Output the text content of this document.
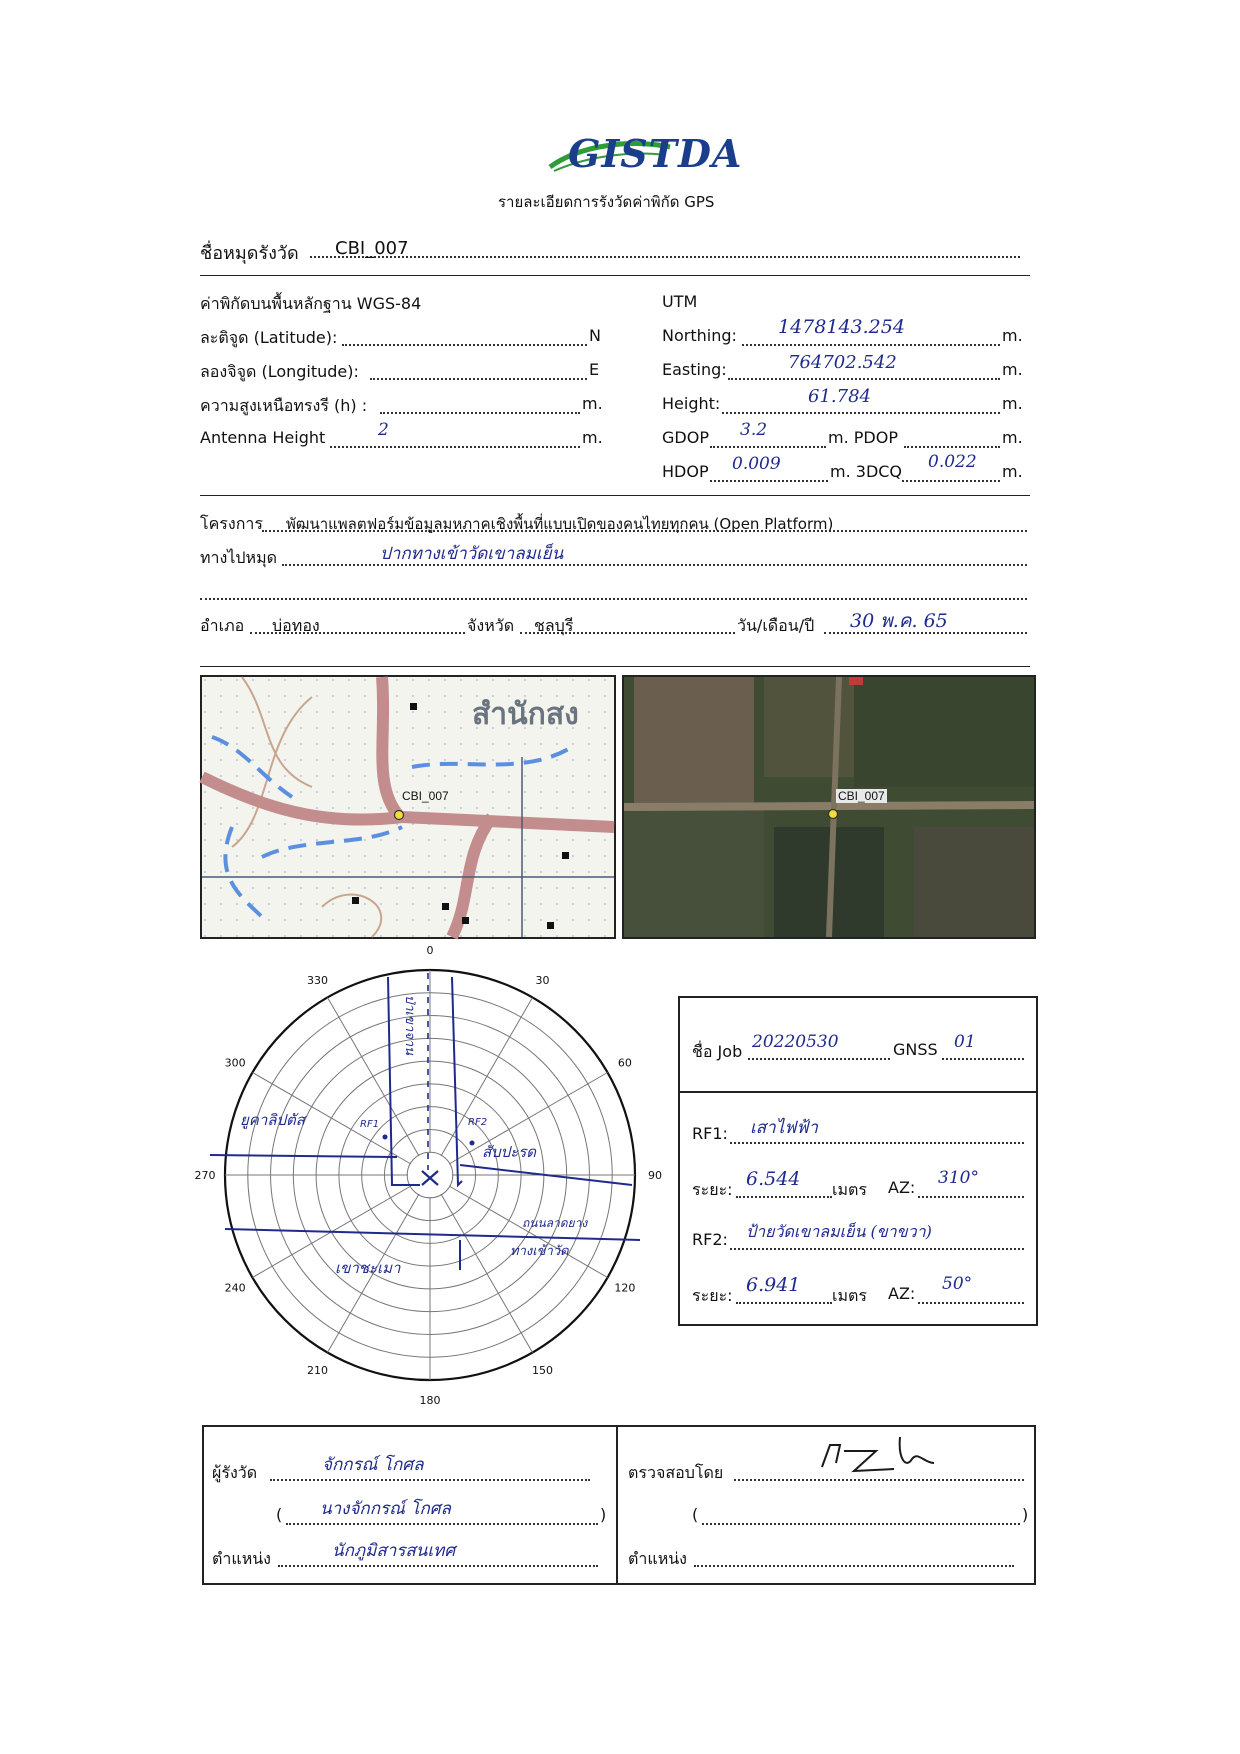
GISTDA
รายละเอียดการรังวัดค่าพิกัด GPS
ชื่อหมุดรังวัด CBI_007
ค่าพิกัดบนพื้นหลักฐาน WGS-84
ละติจูด (Latitude):	N
ลองจิจูด (Longitude):	E
ความสูงเหนือทรงรี (h) :	m.
Antenna Height	2	m.
UTM
Northing: 1478143.254	m.
Easting:	764702.542	m.
Height:	61.784	m.
GDOP 3.2	m. PDOP	m.
HDOP 0.009	m. 3DCQ 0.022 m.
โครงการ พัฒนาแพลตฟอร์มข้อมูลมหภาคเชิงพื้นที่แบบเปิดของคนไทยทุกคน (Open Platform)
ทางไปหมุด	ปากทางเข้าวัดเขาลมเย็น
อำเภอ บ่อทอง	จังหวัด ชลบุรี	วัน/เดือน/ปี 30 พ.ค. 65
สำนักสง
CBI_007	CBI_007
0
30
60
90
120
150
180
210
240
270
300
330
ป่าเขาจาน
ยูคาลิปตัส	RF1	RF2
สับปะรด
ถนนลาดยาง
ทางเข้าวัด
เขาชะเมา
ชื่อ Job 20220530	GNSS 01
RF1: เสาไฟฟ้า
ระยะ: 6.544 เมตร AZ: 310°
RF2: ป้ายวัดเขาลมเย็น (ขาขวา)
ระยะ: 6.941 เมตร AZ: 50°
ผู้รังวัด	จักกรณ์ โกศล
( นางจักกรณ์ โกศล	)
ตำแหน่ง	นักภูมิสารสนเทศ
ตรวจสอบโดย
(	)
ตำแหน่ง
